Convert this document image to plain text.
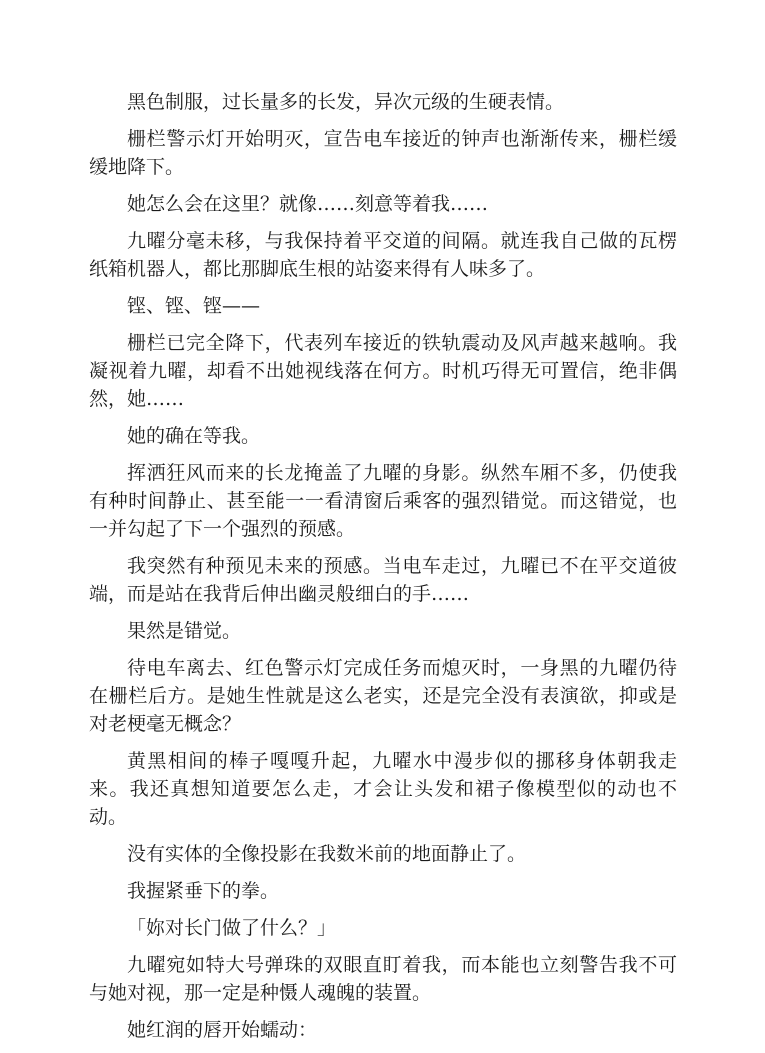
黑色制服，过长量多的长发，异次元级的生硬表情。

栅栏警示灯开始明灭，宣告电车接近的钟声也渐渐传来，栅栏缓缓地降下。

她怎么会在这里？就像……刻意等着我……

九曜分毫未移，与我保持着平交道的间隔。就连我自己做的瓦楞纸箱机器人，都比那脚底生根的站姿来得有人味多了。

铿、铿、铿——

栅栏已完全降下，代表列车接近的铁轨震动及风声越来越响。我凝视着九曜，却看不出她视线落在何方。时机巧得无可置信，绝非偶然，她……

她的确在等我。

挥洒狂风而来的长龙掩盖了九曜的身影。纵然车厢不多，仍使我有种时间静止、甚至能一一看清窗后乘客的强烈错觉。而这错觉，也一并勾起了下一个强烈的预感。

我突然有种预见未来的预感。当电车走过，九曜已不在平交道彼端，而是站在我背后伸出幽灵般细白的手……

果然是错觉。

待电车离去、红色警示灯完成任务而熄灭时，一身黑的九曜仍待在栅栏后方。是她生性就是这么老实，还是完全没有表演欲，抑或是对老梗毫无概念？

黄黑相间的棒子嘎嘎升起，九曜水中漫步似的挪移身体朝我走来。我还真想知道要怎么走，才会让头发和裙子像模型似的动也不动。

没有实体的全像投影在我数米前的地面静止了。

我握紧垂下的拳。

「妳对长门做了什么？」

九曜宛如特大号弹珠的双眼直盯着我，而本能也立刻警告我不可与她对视，那一定是种慑人魂魄的装置。

她红润的唇开始蠕动：
